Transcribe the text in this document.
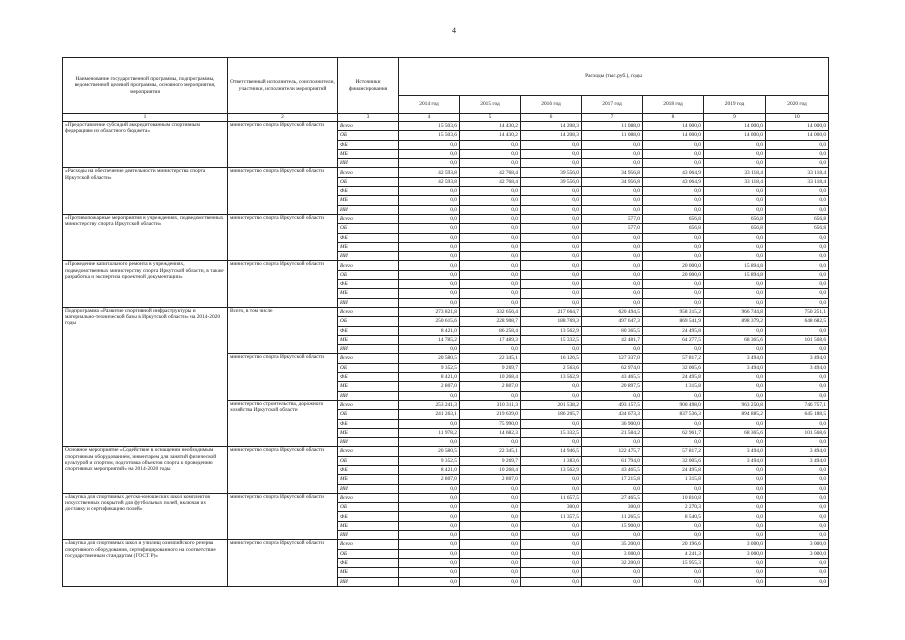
4
Наименование государственной программы, подпрограммы, ведомственной целевой программы, основного мероприятия, мероприятия	Ответственный исполнитель, соисполнители, участники, исполнители мероприятий	Источники финансирования	Расходы (тыс.руб.), годы						
			2014 год	2015 год	2016 год	2017 год	2018 год	2019 год	2020 год
1	2	3	4	5	6	7	8	9	10
«Предоставление субсидий аккредитованным спортивным федерациям из областного бюджета»	министерство спорта Иркутской области	Всего	15 503,6	14 430,2	14 208,3	11 088,0	14 000,0	14 000,0	14 000,0
		ОБ	15 503,6	14 430,2	14 208,3	11 088,0	14 000,0	14 000,0	14 000,0
		ФБ	0,0	0,0	0,0	0,0	0,0	0,0	0,0
		МБ	0,0	0,0	0,0	0,0	0,0	0,0	0,0
		ИИ	0,0	0,0	0,0	0,0	0,0	0,0	0,0
«Расходы на обеспечение деятельности министерства спорта Иркутской области»	министерство спорта Иркутской области	Всего	42 593,8	42 768,4	39 556,0	34 956,8	43 064,9	33 118,4	33 118,4
		ОБ	42 593,8	42 768,4	39 556,0	34 956,8	43 064,9	33 118,4	33 118,4
		ФБ	0,0	0,0	0,0	0,0	0,0	0,0	0,0
		МБ	0,0	0,0	0,0	0,0	0,0	0,0	0,0
		ИИ	0,0	0,0	0,0	0,0	0,0	0,0	0,0
«Противопожарные мероприятия в учреждениях, подведомственных министерству спорта Иркутской области»	министерство спорта Иркутской области	Всего	0,0	0,0	0,0	577,0	656,8	656,8	656,8
		ОБ	0,0	0,0	0,0	577,0	656,8	656,8	656,8
		ФБ	0,0	0,0	0,0	0,0	0,0	0,0	0,0
		МБ	0,0	0,0	0,0	0,0	0,0	0,0	0,0
		ИИ	0,0	0,0	0,0	0,0	0,0	0,0	0,0
«Проведение капитального ремонта в учреждениях, подведомственных министерству спорта Иркутской области, в также разработка и экспертиза проектной документации»	министерство спорта Иркутской области	Всего	0,0	0,0	0,0	0,0	20 000,0	15 894,8	0,0
		ОБ	0,0	0,0	0,0	0,0	20 000,0	15 894,8	0,0
		ФБ	0,0	0,0	0,0	0,0	0,0	0,0	0,0
		МБ	0,0	0,0	0,0	0,0	0,0	0,0	0,0
		ИИ	0,0	0,0	0,0	0,0	0,0	0,0	0,0
Подпрограмма «Развитие спортивной инфраструктуры и материально-технической базы в Иркутской области» на 2014-2020 годы	Всего, в том числе	Всего	273 821,8	332 656,4	217 664,7	620 494,5	958 315,2	966 744,8	750 251,1
		ОБ	250 615,6	228 908,7	188 769,3	497 647,3	869 541,9	898 379,2	648 682,5
		ФБ	8 421,0	86 258,4	13 562,9	80 365,5	24 495,8	0,0	0,0
		МБ	14 785,2	17 489,3	15 332,5	42 481,7	64 277,5	68 365,6	101 568,6
		ИИ	0,0	0,0	0,0	0,0	0,0	0,0	0,0
	министерство спорта Иркутской области	Всего	20 580,5	22 345,1	16 126,5	127 337,0	57 817,2	3 494,0	3 494,0
		ОБ	9 352,5	9 269,7	2 563,6	62 974,0	32 005,6	3 494,0	3 494,0
		ФБ	8 421,0	10 268,4	13 562,9	43 465,5	24 495,8	0,0	0,0
		МБ	2 807,0	2 807,0	0,0	20 897,5	1 315,8	0,0	0,0
		ИИ	0,0	0,0	0,0	0,0	0,0	0,0	0,0
	министерство строительства, дорожного хозяйства Иркутской области	Всего	253 241,3	310 311,3	201 538,2	493 157,5	900 498,0	963 250,8	746 757,1
		ОБ	241 263,1	219 639,0	186 205,7	434 673,3	837 536,3	894 885,2	645 188,5
		ФБ	0,0	75 990,0	0,0	36 900,0	0,0	0,0	0,0
		МБ	11 978,2	14 682,3	15 332,5	21 584,2	62 961,7	68 365,6	101 568,6
		ИИ	0,0	0,0	0,0	0,0	0,0	0,0	0,0
Основное мероприятие «Содействие в оснащении необходимым спортивным оборудованием, инвентарем для занятий физической культурой и спортом, подготовка объектов спорта к проведению спортивных мероприятий» на 2014-2020 годы	министерство спорта Иркутской области	Всего	20 580,5	22 345,1	14 946,5	122 475,7	57 817,2	3 494,0	3 494,0
		ОБ	9 352,5	9 269,7	1 383,6	61 794,0	32 005,6	3 494,0	3 494,0
		ФБ	8 421,0	10 268,4	13 562,9	43 465,5	24 495,8	0,0	0,0
		МБ	2 807,0	2 807,0	0,0	17 215,8	1 315,8	0,0	0,0
		ИИ	0,0	0,0	0,0	0,0	0,0	0,0	0,0
«Закупка для спортивных детско-юношеских школ комплектов искусственных покрытий для футбольных полей, включая их доставку и сертификацию полей»	министерство спорта Иркутской области	Всего	0,0	0,0	11 657,5	27 465,5	10 810,8	0,0	0,0
		ОБ	0,0	0,0	300,0	300,0	2 270,3	0,0	0,0
		ФБ	0,0	0,0	11 357,5	11 265,5	8 540,5	0,0	0,0
		МБ	0,0	0,0	0,0	15 900,0	0,0	0,0	0,0
		ИИ	0,0	0,0	0,0	0,0	0,0	0,0	0,0
«Закупка для спортивных школ и училищ олимпийского резерва спортивного оборудования, сертифицированного на соответствие государственным стандартам (ГОСТ Р)»	министерство спорта Иркутской области	Всего	0,0	0,0	0,0	35 200,0	20 196,6	3 000,0	3 000,0
		ОБ	0,0	0,0	0,0	3 000,0	4 241,3	3 000,0	3 000,0
		ФБ	0,0	0,0	0,0	32 200,0	15 955,3	0,0	0,0
		МБ	0,0	0,0	0,0	0,0	0,0	0,0	0,0
		ИИ	0,0	0,0	0,0	0,0	0,0	0,0	0,0
